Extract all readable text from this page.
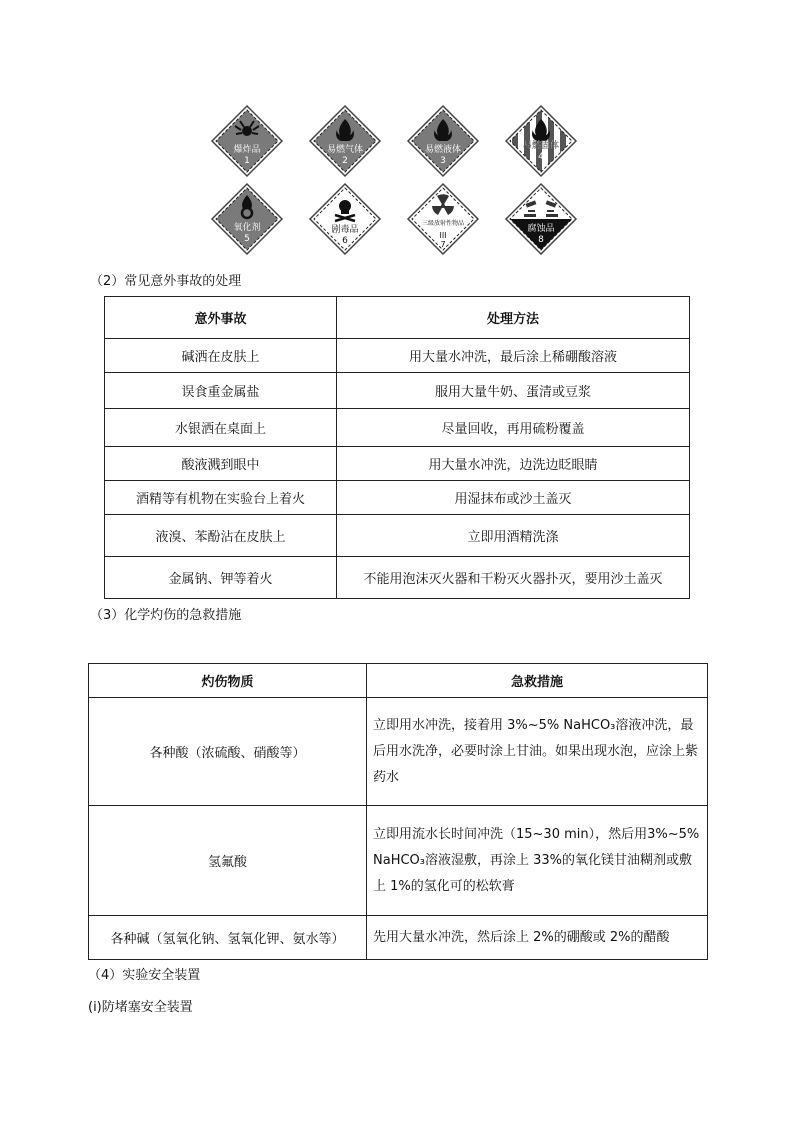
爆炸品
1
易燃气体
2
易燃液体
3
易燃固体
4
氧化剂
5
剧毒品
6
三级放射性物品
III 7
腐蚀品
8
（2）常见意外事故的处理
意外事故	处理方法
碱洒在皮肤上	用大量水冲洗，最后涂上稀硼酸溶液
误食重金属盐	服用大量牛奶、蛋清或豆浆
水银洒在桌面上	尽量回收，再用硫粉覆盖
酸液溅到眼中	用大量水冲洗，边洗边眨眼睛
酒精等有机物在实验台上着火	用湿抹布或沙土盖灭
液溴、苯酚沾在皮肤上	立即用酒精洗涤
金属钠、钾等着火	不能用泡沫灭火器和干粉灭火器扑灭，要用沙土盖灭
（3）化学灼伤的急救措施
灼伤物质	急救措施
各种酸（浓硫酸、硝酸等）	立即用水冲洗，接着用 3%~5% NaHCO₃溶液冲洗，最后用水洗净，必要时涂上甘油。如果出现水泡，应涂上紫药水
氢氟酸	立即用流水长时间冲洗（15~30 min），然后用3%~5% NaHCO₃溶液湿敷，再涂上 33%的氧化镁甘油糊剂或敷上 1%的氢化可的松软膏
各种碱（氢氧化钠、氢氧化钾、氨水等）	先用大量水冲洗，然后涂上 2%的硼酸或 2%的醋酸
（4）实验安全装置
(ⅰ)防堵塞安全装置
